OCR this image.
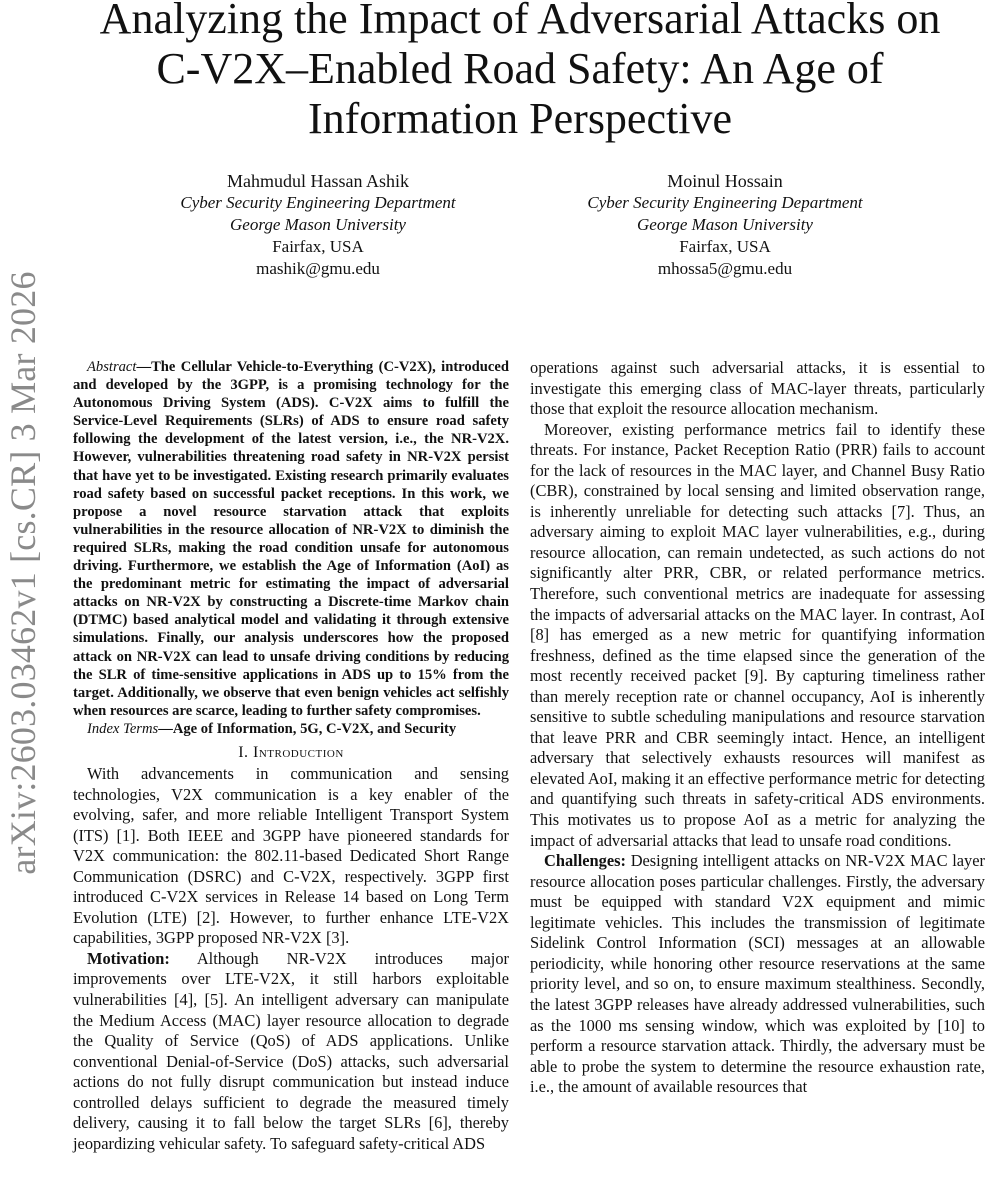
arXiv:2603.03462v1 [cs.CR] 3 Mar 2026
Analyzing the Impact of Adversarial Attacks on
C-V2X–Enabled Road Safety: An Age of
Information Perspective
Mahmudul Hassan Ashik
Cyber Security Engineering Department
George Mason University
Fairfax, USA
mashik@gmu.edu
Moinul Hossain
Cyber Security Engineering Department
George Mason University
Fairfax, USA
mhossa5@gmu.edu

Abstract—The Cellular Vehicle-to-Everything (C-V2X), introduced and developed by the 3GPP, is a promising technology for the Autonomous Driving System (ADS). C-V2X aims to fulfill the Service-Level Requirements (SLRs) of ADS to ensure road safety following the development of the latest version, i.e., the NR-V2X. However, vulnerabilities threatening road safety in NR-V2X persist that have yet to be investigated. Existing research primarily evaluates road safety based on successful packet receptions. In this work, we propose a novel resource starvation attack that exploits vulnerabilities in the resource allocation of NR-V2X to diminish the required SLRs, making the road condition unsafe for autonomous driving. Furthermore, we establish the Age of Information (AoI) as the predominant metric for estimating the impact of adversarial attacks on NR-V2X by constructing a Discrete-time Markov chain (DTMC) based analytical model and validating it through extensive simulations. Finally, our analysis underscores how the proposed attack on NR-V2X can lead to unsafe driving conditions by reducing the SLR of time-sensitive applications in ADS up to 15% from the target. Additionally, we observe that even benign vehicles act selfishly when resources are scarce, leading to further safety compromises.

Index Terms—Age of Information, 5G, C-V2X, and Security

I. Introduction

With advancements in communication and sensing technologies, V2X communication is a key enabler of the evolving, safer, and more reliable Intelligent Transport System (ITS) [1]. Both IEEE and 3GPP have pioneered standards for V2X communication: the 802.11-based Dedicated Short Range Communication (DSRC) and C-V2X, respectively. 3GPP first introduced C-V2X services in Release 14 based on Long Term Evolution (LTE) [2]. However, to further enhance LTE-V2X capabilities, 3GPP proposed NR-V2X [3].

Motivation: Although NR-V2X introduces major improvements over LTE-V2X, it still harbors exploitable vulnerabilities [4], [5]. An intelligent adversary can manipulate the Medium Access (MAC) layer resource allocation to degrade the Quality of Service (QoS) of ADS applications. Unlike conventional Denial-of-Service (DoS) attacks, such adversarial actions do not fully disrupt communication but instead induce controlled delays sufficient to degrade the measured timely delivery, causing it to fall below the target SLRs [6], thereby jeopardizing vehicular safety. To safeguard safety-critical ADS

operations against such adversarial attacks, it is essential to investigate this emerging class of MAC-layer threats, particularly those that exploit the resource allocation mechanism.

Moreover, existing performance metrics fail to identify these threats. For instance, Packet Reception Ratio (PRR) fails to account for the lack of resources in the MAC layer, and Channel Busy Ratio (CBR), constrained by local sensing and limited observation range, is inherently unreliable for detecting such attacks [7]. Thus, an adversary aiming to exploit MAC layer vulnerabilities, e.g., during resource allocation, can remain undetected, as such actions do not significantly alter PRR, CBR, or related performance metrics. Therefore, such conventional metrics are inadequate for assessing the impacts of adversarial attacks on the MAC layer. In contrast, AoI [8] has emerged as a new metric for quantifying information freshness, defined as the time elapsed since the generation of the most recently received packet [9]. By capturing timeliness rather than merely reception rate or channel occupancy, AoI is inherently sensitive to subtle scheduling manipulations and resource starvation that leave PRR and CBR seemingly intact. Hence, an intelligent adversary that selectively exhausts resources will manifest as elevated AoI, making it an effective performance metric for detecting and quantifying such threats in safety-critical ADS environments. This motivates us to propose AoI as a metric for analyzing the impact of adversarial attacks that lead to unsafe road conditions.

Challenges: Designing intelligent attacks on NR-V2X MAC layer resource allocation poses particular challenges. Firstly, the adversary must be equipped with standard V2X equipment and mimic legitimate vehicles. This includes the transmission of legitimate Sidelink Control Information (SCI) messages at an allowable periodicity, while honoring other resource reservations at the same priority level, and so on, to ensure maximum stealthiness. Secondly, the latest 3GPP releases have already addressed vulnerabilities, such as the 1000 ms sensing window, which was exploited by [10] to perform a resource starvation attack. Thirdly, the adversary must be able to probe the system to determine the resource exhaustion rate, i.e., the amount of available resources that
